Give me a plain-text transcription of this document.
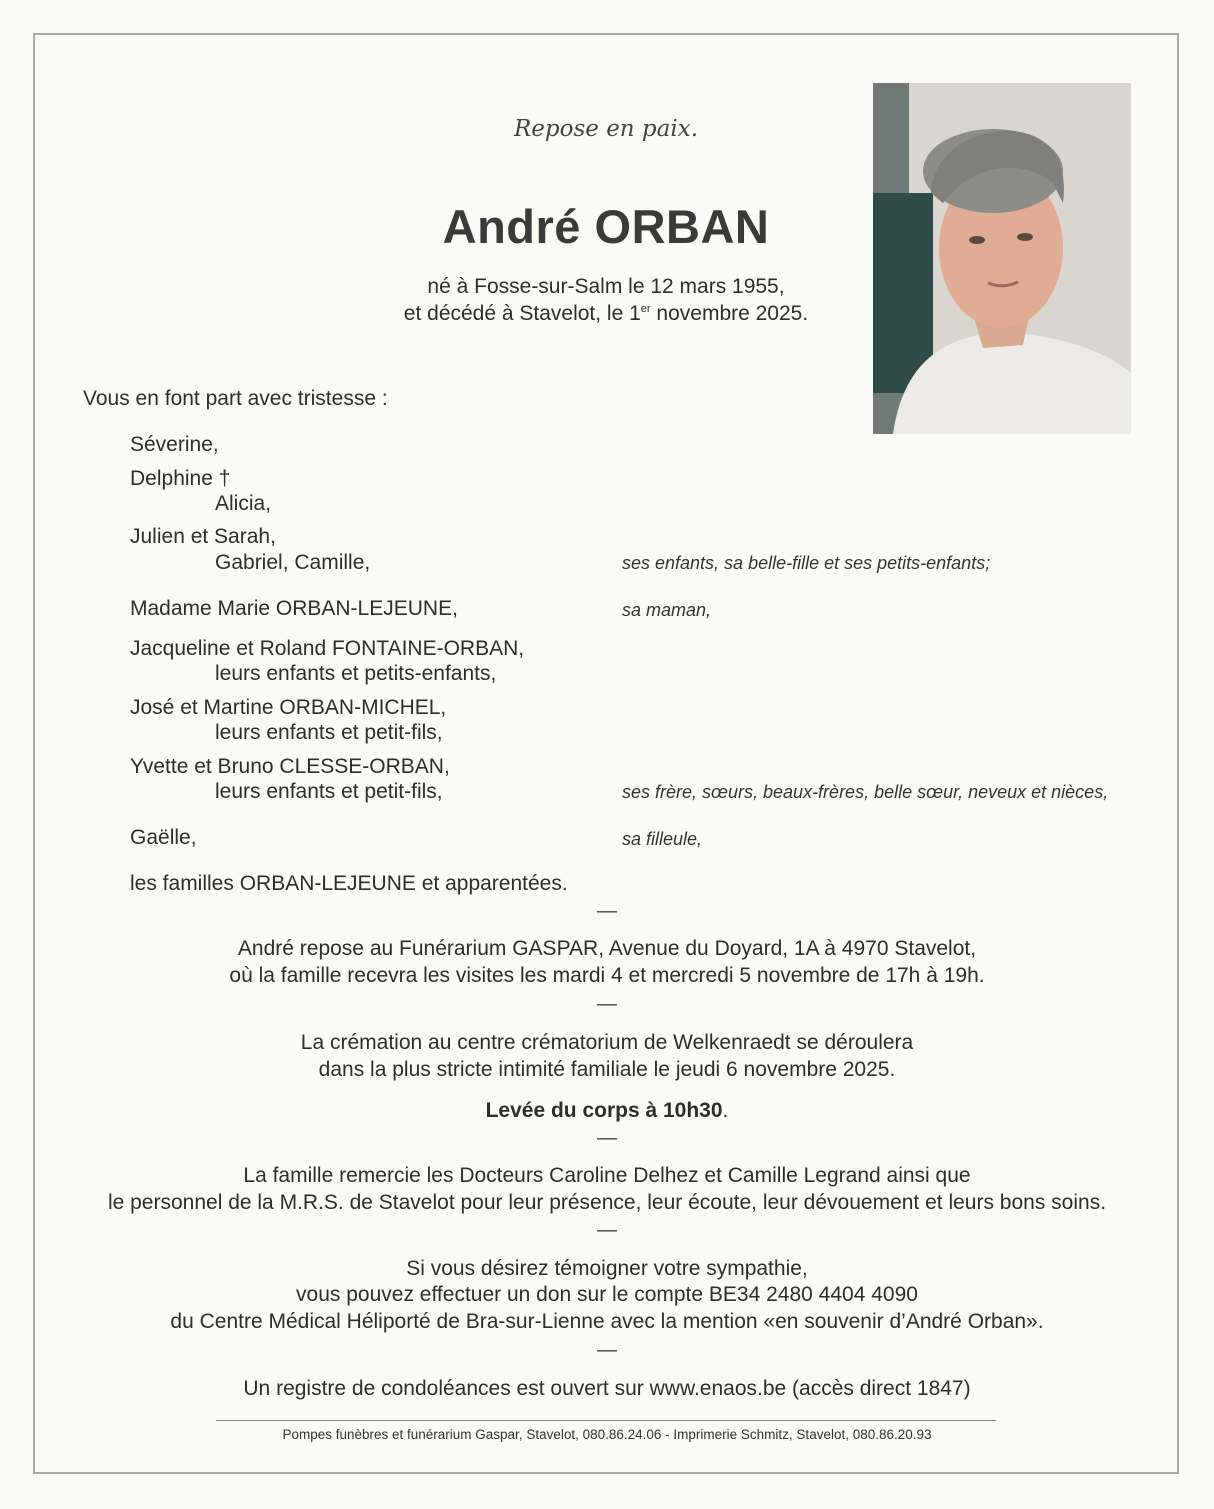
Repose en paix.
André ORBAN
né à Fosse-sur-Salm le 12 mars 1955,
et décédé à Stavelot, le 1er novembre 2025.
Vous en font part avec tristesse :
Séverine,
Delphine †
Alicia,
Julien et Sarah,
Gabriel, Camille,	ses enfants, sa belle-fille et ses petits-enfants;
Madame Marie ORBAN-LEJEUNE,	sa maman,
Jacqueline et Roland FONTAINE-ORBAN,
leurs enfants et petits-enfants,
José et Martine ORBAN-MICHEL,
leurs enfants et petit-fils,
Yvette et Bruno CLESSE-ORBAN,
leurs enfants et petit-fils,	ses frère, sœurs, beaux-frères, belle sœur, neveux et nièces,
Gaëlle,	sa filleule,
les familles ORBAN-LEJEUNE et apparentées.
—
André repose au Funérarium GASPAR, Avenue du Doyard, 1A à 4970 Stavelot,
où la famille recevra les visites les mardi 4 et mercredi 5 novembre de 17h à 19h.
—
La crémation au centre crématorium de Welkenraedt se déroulera
dans la plus stricte intimité familiale le jeudi 6 novembre 2025.
Levée du corps à 10h30.
—
La famille remercie les Docteurs Caroline Delhez et Camille Legrand ainsi que
le personnel de la M.R.S. de Stavelot pour leur présence, leur écoute, leur dévouement et leurs bons soins.
—
Si vous désirez témoigner votre sympathie,
vous pouvez effectuer un don sur le compte BE34 2480 4404 4090
du Centre Médical Héliporté de Bra-sur-Lienne avec la mention «en souvenir d’André Orban».
—
Un registre de condoléances est ouvert sur www.enaos.be (accès direct 1847)
Pompes funèbres et funérarium Gaspar, Stavelot, 080.86.24.06 - Imprimerie Schmitz, Stavelot, 080.86.20.93
